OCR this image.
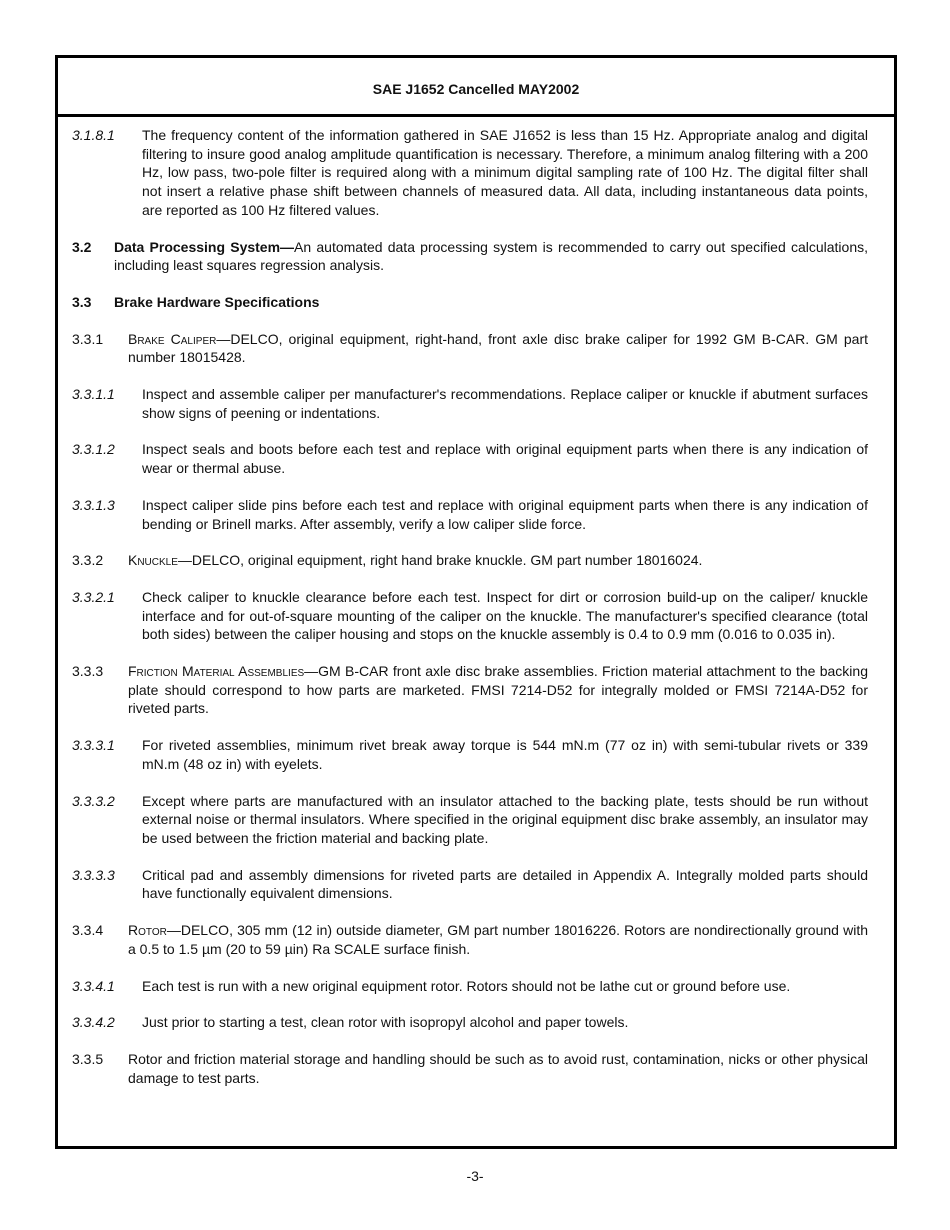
SAE J1652 Cancelled MAY2002
3.1.8.1 The frequency content of the information gathered in SAE J1652 is less than 15 Hz. Appropriate analog and digital filtering to insure good analog amplitude quantification is necessary. Therefore, a minimum analog filtering with a 200 Hz, low pass, two-pole filter is required along with a minimum digital sampling rate of 100 Hz. The digital filter shall not insert a relative phase shift between channels of measured data. All data, including instantaneous data points, are reported as 100 Hz filtered values.
3.2 Data Processing System—An automated data processing system is recommended to carry out specified calculations, including least squares regression analysis.
3.3 Brake Hardware Specifications
3.3.1 Brake Caliper—DELCO, original equipment, right-hand, front axle disc brake caliper for 1992 GM B-CAR. GM part number 18015428.
3.3.1.1 Inspect and assemble caliper per manufacturer's recommendations. Replace caliper or knuckle if abutment surfaces show signs of peening or indentations.
3.3.1.2 Inspect seals and boots before each test and replace with original equipment parts when there is any indication of wear or thermal abuse.
3.3.1.3 Inspect caliper slide pins before each test and replace with original equipment parts when there is any indication of bending or Brinell marks. After assembly, verify a low caliper slide force.
3.3.2 Knuckle—DELCO, original equipment, right hand brake knuckle. GM part number 18016024.
3.3.2.1 Check caliper to knuckle clearance before each test. Inspect for dirt or corrosion build-up on the caliper/ knuckle interface and for out-of-square mounting of the caliper on the knuckle. The manufacturer's specified clearance (total both sides) between the caliper housing and stops on the knuckle assembly is 0.4 to 0.9 mm (0.016 to 0.035 in).
3.3.3 Friction Material Assemblies—GM B-CAR front axle disc brake assemblies. Friction material attachment to the backing plate should correspond to how parts are marketed. FMSI 7214-D52 for integrally molded or FMSI 7214A-D52 for riveted parts.
3.3.3.1 For riveted assemblies, minimum rivet break away torque is 544 mN.m (77 oz in) with semi-tubular rivets or 339 mN.m (48 oz in) with eyelets.
3.3.3.2 Except where parts are manufactured with an insulator attached to the backing plate, tests should be run without external noise or thermal insulators. Where specified in the original equipment disc brake assembly, an insulator may be used between the friction material and backing plate.
3.3.3.3 Critical pad and assembly dimensions for riveted parts are detailed in Appendix A. Integrally molded parts should have functionally equivalent dimensions.
3.3.4 Rotor—DELCO, 305 mm (12 in) outside diameter, GM part number 18016226. Rotors are nondirectionally ground with a 0.5 to 1.5 µm (20 to 59 µin) Ra SCALE surface finish.
3.3.4.1 Each test is run with a new original equipment rotor. Rotors should not be lathe cut or ground before use.
3.3.4.2 Just prior to starting a test, clean rotor with isopropyl alcohol and paper towels.
3.3.5 Rotor and friction material storage and handling should be such as to avoid rust, contamination, nicks or other physical damage to test parts.
-3-
